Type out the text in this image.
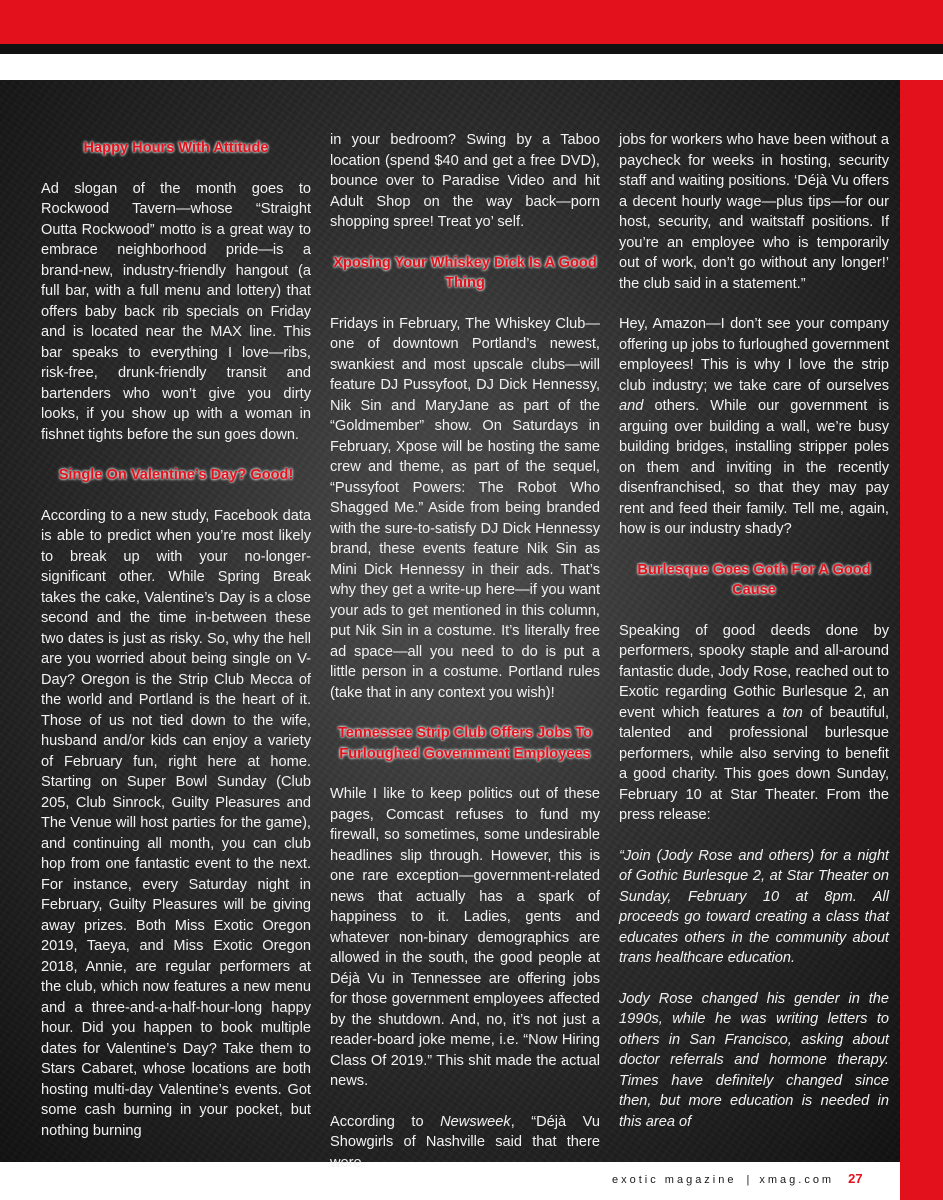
Happy Hours With Attitude

Ad slogan of the month goes to Rockwood Tavern—whose “Straight Outta Rockwood” motto is a great way to embrace neighborhood pride—is a brand-new, industry-friendly hangout (a full bar, with a full menu and lottery) that offers baby back rib specials on Friday and is located near the MAX line. This bar speaks to everything I love—ribs, risk-free, drunk-friendly transit and bartenders who won’t give you dirty looks, if you show up with a woman in fishnet tights before the sun goes down.

Single On Valentine’s Day? Good!

According to a new study, Facebook data is able to predict when you’re most likely to break up with your no-longer-significant other. While Spring Break takes the cake, Valentine’s Day is a close second and the time in-between these two dates is just as risky. So, why the hell are you worried about being single on V-Day? Oregon is the Strip Club Mecca of the world and Portland is the heart of it. Those of us not tied down to the wife, husband and/or kids can enjoy a variety of February fun, right here at home. Starting on Super Bowl Sunday (Club 205, Club Sinrock, Guilty Pleasures and The Venue will host parties for the game), and continuing all month, you can club hop from one fantastic event to the next. For instance, every Saturday night in February, Guilty Pleasures will be giving away prizes. Both Miss Exotic Oregon 2019, Taeya, and Miss Exotic Oregon 2018, Annie, are regular performers at the club, which now features a new menu and a three-and-a-half-hour-long happy hour. Did you happen to book multiple dates for Valentine’s Day? Take them to Stars Cabaret, whose locations are both hosting multi-day Valentine’s events. Got some cash burning in your pocket, but nothing burning

in your bedroom? Swing by a Taboo location (spend $40 and get a free DVD), bounce over to Paradise Video and hit Adult Shop on the way back—porn shopping spree! Treat yo’ self.

Xposing Your Whiskey Dick Is A Good Thing

Fridays in February, The Whiskey Club—one of downtown Portland’s newest, swankiest and most upscale clubs—will feature DJ Pussyfoot, DJ Dick Hennessy, Nik Sin and MaryJane as part of the “Goldmember” show. On Saturdays in February, Xpose will be hosting the same crew and theme, as part of the sequel, “Pussyfoot Powers: The Robot Who Shagged Me.” Aside from being branded with the sure-to-satisfy DJ Dick Hennessy brand, these events feature Nik Sin as Mini Dick Hennessy in their ads. That’s why they get a write-up here—if you want your ads to get mentioned in this column, put Nik Sin in a costume. It’s literally free ad space—all you need to do is put a little person in a costume. Portland rules (take that in any context you wish)!

Tennessee Strip Club Offers Jobs To Furloughed Government Employees

While I like to keep politics out of these pages, Comcast refuses to fund my firewall, so sometimes, some undesirable headlines slip through. However, this is one rare exception—government-related news that actually has a spark of happiness to it. Ladies, gents and whatever non-binary demographics are allowed in the south, the good people at Déjà Vu in Tennessee are offering jobs for those government employees affected by the shutdown. And, no, it’s not just a reader-board joke meme, i.e. “Now Hiring Class Of 2019.” This shit made the actual news.

According to Newsweek, “Déjà Vu Showgirls of Nashville said that there were

jobs for workers who have been without a paycheck for weeks in hosting, security staff and waiting positions. ‘Déjà Vu offers a decent hourly wage—plus tips—for our host, security, and waitstaff positions. If you’re an employee who is temporarily out of work, don’t go without any longer!’ the club said in a statement.”

Hey, Amazon—I don’t see your company offering up jobs to furloughed government employees! This is why I love the strip club industry; we take care of ourselves and others. While our government is arguing over building a wall, we’re busy building bridges, installing stripper poles on them and inviting in the recently disenfranchised, so that they may pay rent and feed their family. Tell me, again, how is our industry shady?

Burlesque Goes Goth For A Good Cause

Speaking of good deeds done by performers, spooky staple and all-around fantastic dude, Jody Rose, reached out to Exotic regarding Gothic Burlesque 2, an event which features a ton of beautiful, talented and professional burlesque performers, while also serving to benefit a good charity. This goes down Sunday, February 10 at Star Theater. From the press release:

“Join (Jody Rose and others) for a night of Gothic Burlesque 2, at Star Theater on Sunday, February 10 at 8pm. All proceeds go toward creating a class that educates others in the community about trans healthcare education.

Jody Rose changed his gender in the 1990s, while he was writing letters to others in San Francisco, asking about doctor referrals and hormone therapy. Times have definitely changed since then, but more education is needed in this area of

exotic magazine | xmag.com 27
